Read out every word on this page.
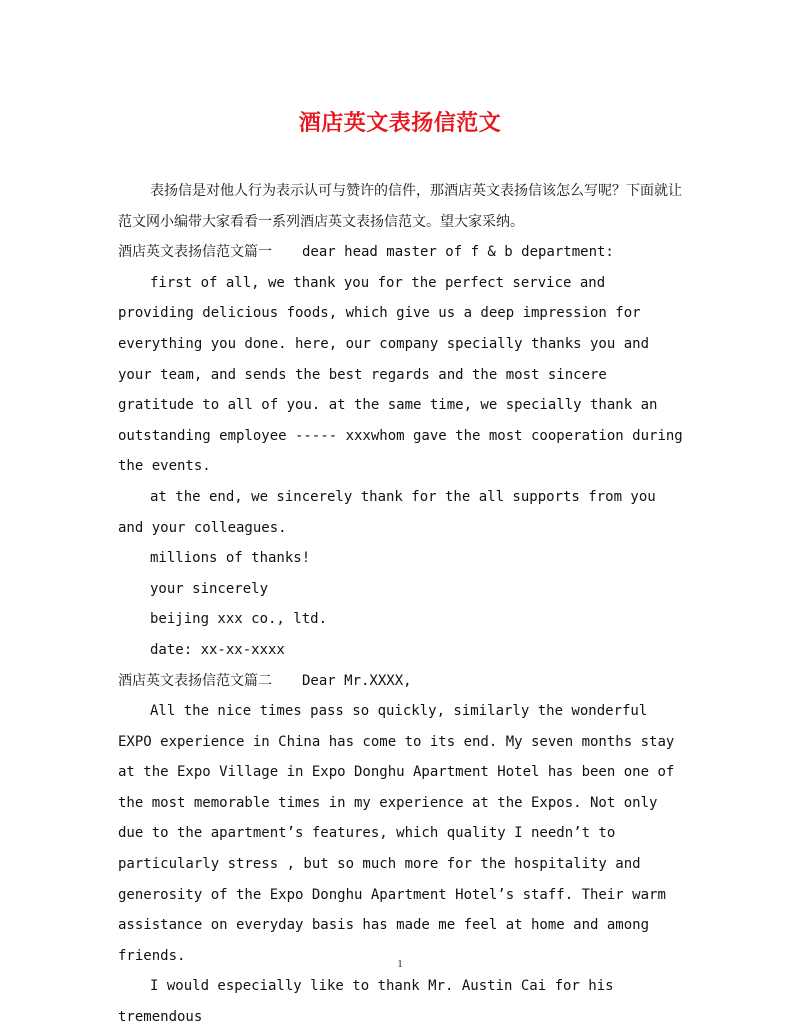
酒店英文表扬信范文

表扬信是对他人行为表示认可与赞许的信件，那酒店英文表扬信该怎么写呢？下面就让范文网小编带大家看看一系列酒店英文表扬信范文。望大家采纳。

酒店英文表扬信范文篇一 dear head master of f & b department:

first of all, we thank you for the perfect service and providing delicious foods, which give us a deep impression for everything you done. here, our company specially thanks you and your team, and sends the best regards and the most sincere gratitude to all of you. at the same time, we specially thank an outstanding employee ----- xxxwhom gave the most cooperation during the events.

at the end, we sincerely thank for the all supports from you and your colleagues.

millions of thanks!

your sincerely

beijing xxx co., ltd.

date: xx-xx-xxxx

酒店英文表扬信范文篇二 Dear Mr.XXXX,

All the nice times pass so quickly, similarly the wonderful EXPO experience in China has come to its end. My seven months stay at the Expo Village in Expo Donghu Apartment Hotel has been one of the most memorable times in my experience at the Expos. Not only due to the apartment’s features, which quality I needn’t to particularly stress , but so much more for the hospitality and generosity of the Expo Donghu Apartment Hotel’s staff. Their warm assistance on everyday basis has made me feel at home and among friends.

I would especially like to thank Mr. Austin Cai for his tremendous

1
